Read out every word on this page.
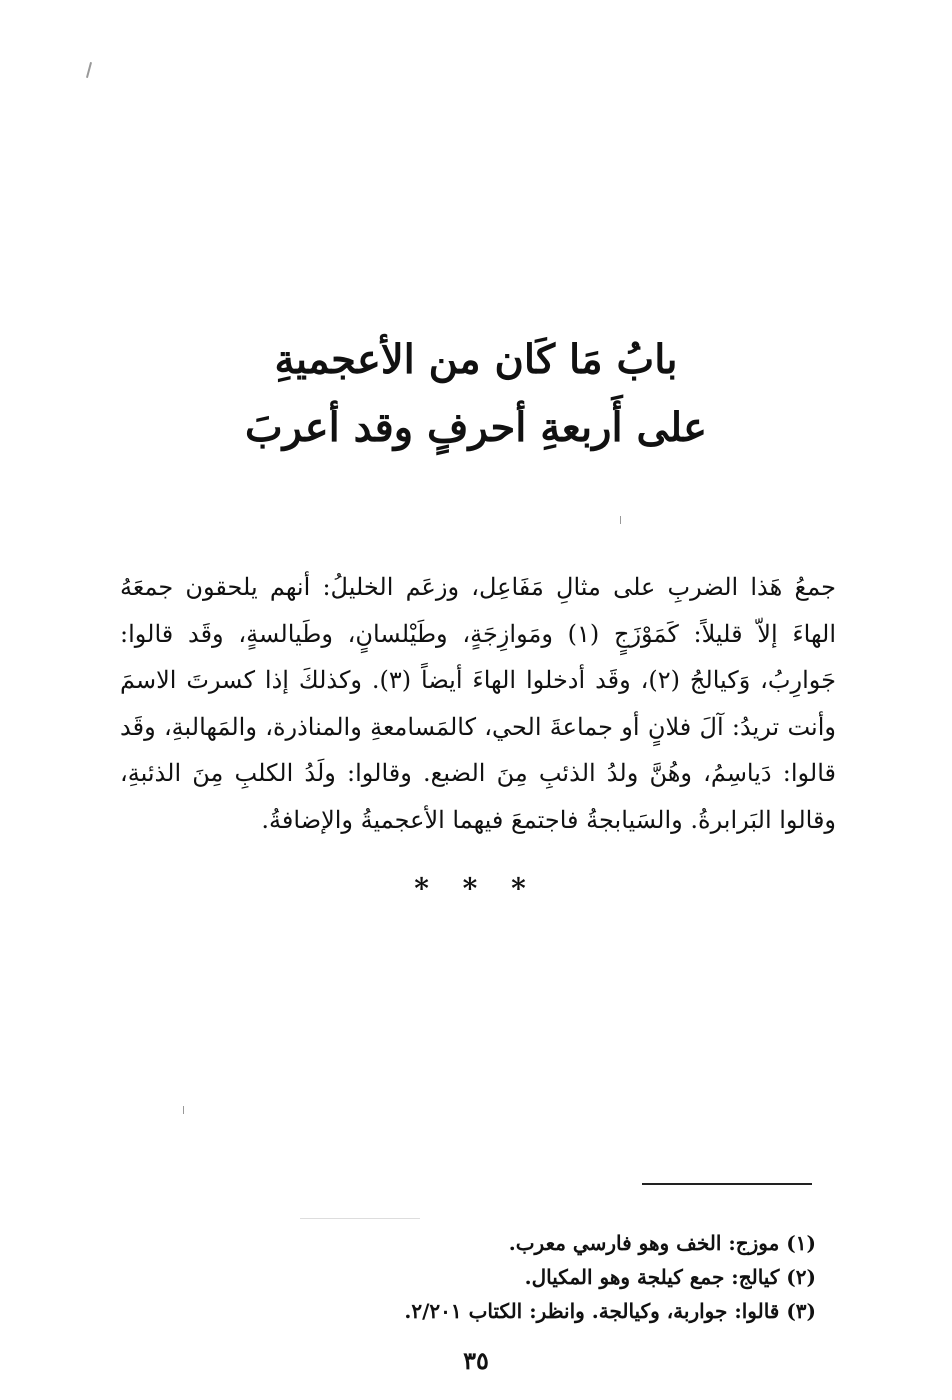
بابُ مَا كَان من الأعجميةِ
على أَربعةِ أحرفٍ وقد أعربَ

جمعُ هَذا الضربِ على مثالِ مَفَاعِل، وزعَم الخليلُ: أنهم يلحقون جمعَهُ الهاءَ إلاّ قليلاً: كَمَوْزَجٍ (١) ومَوازِجَةٍ، وطَيْلسانٍ، وطَيالسةٍ، وقَد قالوا: جَوارِبُ، وَكيالجُ (٢)، وقَد أدخلوا الهاءَ أيضاً (٣). وكذلكَ إذا كسرتَ الاسمَ وأنت تريدُ: آلَ فلانٍ أو جماعةَ الحي، كالمَسامعةِ والمناذرة، والمَهالبةِ، وقَد قالوا: دَياسِمُ، وهُنَّ ولدُ الذئبِ مِنَ الضبع. وقالوا: ولَدُ الكلبِ مِنَ الذئبةِ، وقالوا البَرابرةُ. والسَيابجةُ فاجتمعَ فيهما الأعجميةُ والإضافةُ.

* * *

(١) موزج: الخف وهو فارسي معرب.

(٢) كيالج: جمع كيلجة وهو المكيال.

(٣) قالوا: جواربة، وكيالجة. وانظر: الكتاب ٢/٢٠١.

٣٥
